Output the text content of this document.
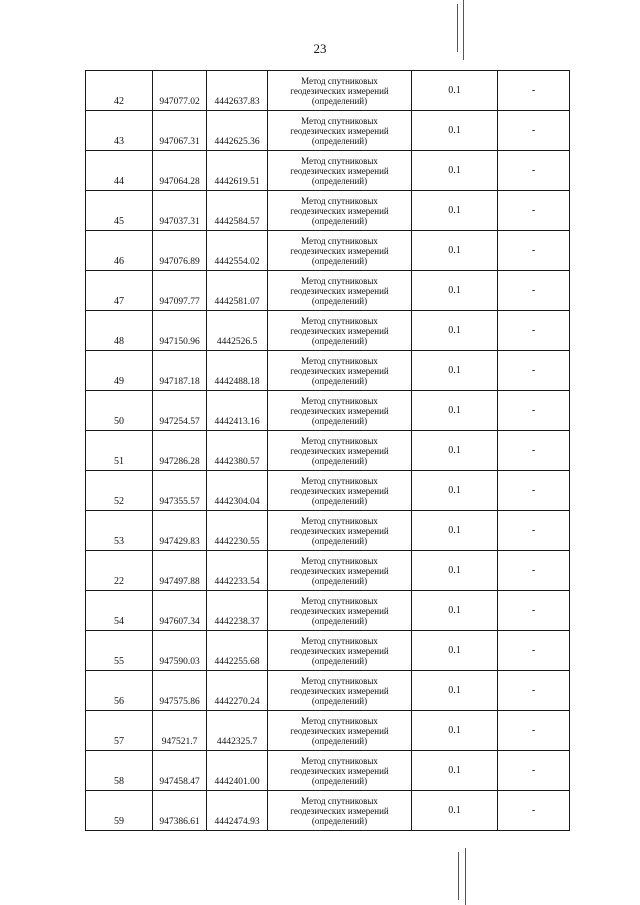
23
42	947077.02	4442637.83	Метод спутниковых
геодезических измерений
(определений)	0.1	-
43	947067.31	4442625.36	Метод спутниковых
геодезических измерений
(определений)	0.1	-
44	947064.28	4442619.51	Метод спутниковых
геодезических измерений
(определений)	0.1	-
45	947037.31	4442584.57	Метод спутниковых
геодезических измерений
(определений)	0.1	-
46	947076.89	4442554.02	Метод спутниковых
геодезических измерений
(определений)	0.1	-
47	947097.77	4442581.07	Метод спутниковых
геодезических измерений
(определений)	0.1	-
48	947150.96	4442526.5	Метод спутниковых
геодезических измерений
(определений)	0.1	-
49	947187.18	4442488.18	Метод спутниковых
геодезических измерений
(определений)	0.1	-
50	947254.57	4442413.16	Метод спутниковых
геодезических измерений
(определений)	0.1	-
51	947286.28	4442380.57	Метод спутниковых
геодезических измерений
(определений)	0.1	-
52	947355.57	4442304.04	Метод спутниковых
геодезических измерений
(определений)	0.1	-
53	947429.83	4442230.55	Метод спутниковых
геодезических измерений
(определений)	0.1	-
22	947497.88	4442233.54	Метод спутниковых
геодезических измерений
(определений)	0.1	-
54	947607.34	4442238.37	Метод спутниковых
геодезических измерений
(определений)	0.1	-
55	947590.03	4442255.68	Метод спутниковых
геодезических измерений
(определений)	0.1	-
56	947575.86	4442270.24	Метод спутниковых
геодезических измерений
(определений)	0.1	-
57	947521.7	4442325.7	Метод спутниковых
геодезических измерений
(определений)	0.1	-
58	947458.47	4442401.00	Метод спутниковых
геодезических измерений
(определений)	0.1	-
59	947386.61	4442474.93	Метод спутниковых
геодезических измерений
(определений)	0.1	-
